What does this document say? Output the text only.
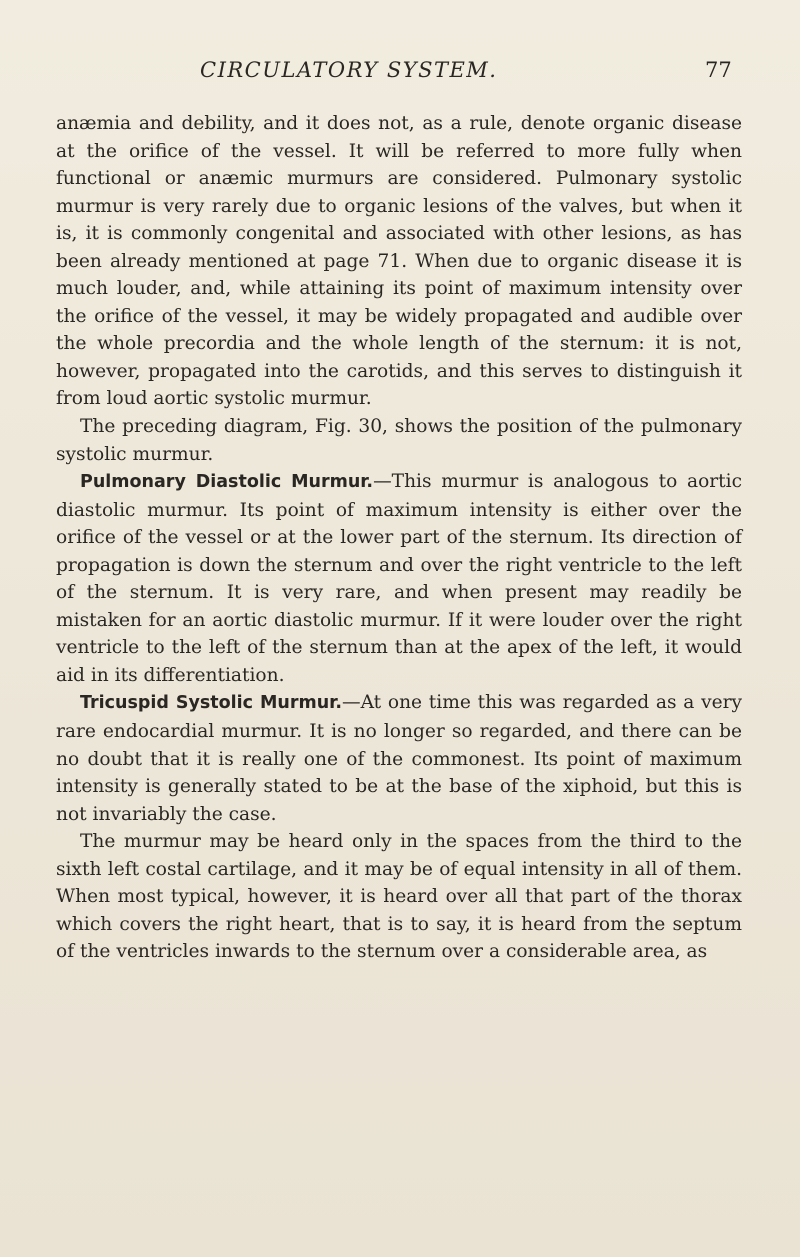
CIRCULATORY SYSTEM.	77

anæmia and debility, and it does not, as a rule, denote organic disease at the orifice of the vessel. It will be referred to more fully when functional or anæmic murmurs are considered. Pulmonary systolic murmur is very rarely due to organic lesions of the valves, but when it is, it is commonly congenital and associated with other lesions, as has been already mentioned at page 71. When due to organic disease it is much louder, and, while attaining its point of maximum intensity over the orifice of the vessel, it may be widely propagated and audible over the whole precordia and the whole length of the sternum: it is not, however, propagated into the carotids, and this serves to distinguish it from loud aortic systolic murmur.

The preceding diagram, Fig. 30, shows the position of the pulmonary systolic murmur.

Pulmonary Diastolic Murmur.—This murmur is analogous to aortic diastolic murmur. Its point of maximum intensity is either over the orifice of the vessel or at the lower part of the sternum. Its direction of propagation is down the sternum and over the right ventricle to the left of the sternum. It is very rare, and when present may readily be mistaken for an aortic diastolic murmur. If it were louder over the right ventricle to the left of the sternum than at the apex of the left, it would aid in its differentiation.

Tricuspid Systolic Murmur.—At one time this was regarded as a very rare endocardial murmur. It is no longer so regarded, and there can be no doubt that it is really one of the commonest. Its point of maximum intensity is generally stated to be at the base of the xiphoid, but this is not invariably the case.

The murmur may be heard only in the spaces from the third to the sixth left costal cartilage, and it may be of equal intensity in all of them. When most typical, however, it is heard over all that part of the thorax which covers the right heart, that is to say, it is heard from the septum of the ventricles inwards to the sternum over a considerable area, as
